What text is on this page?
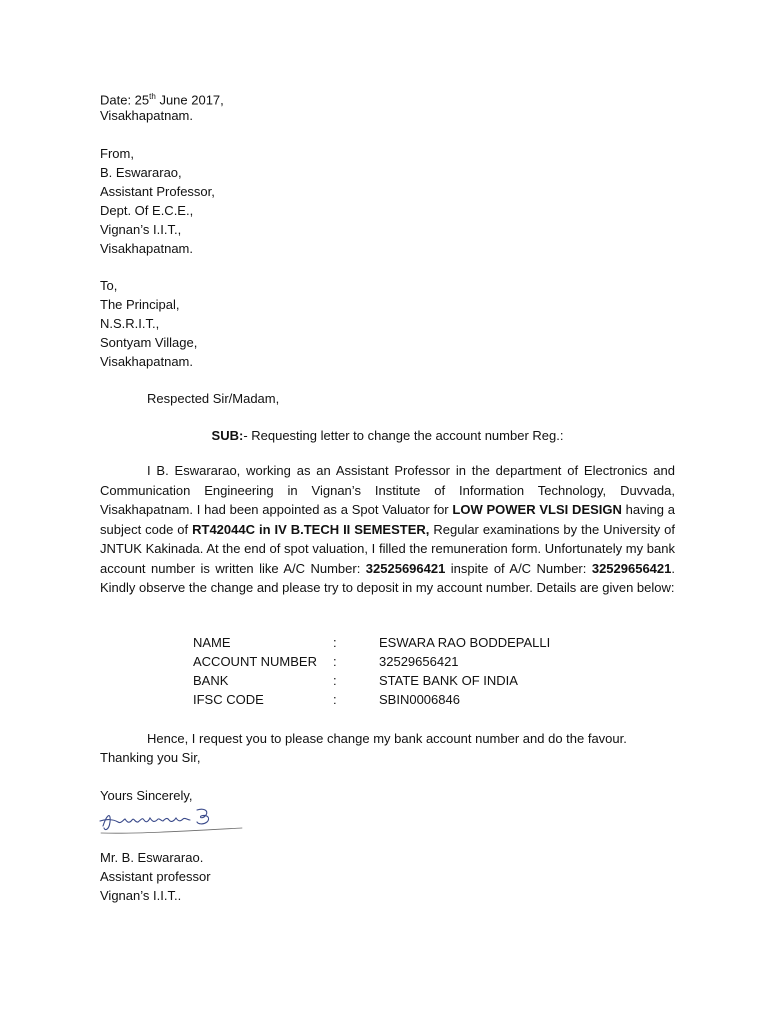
Date: 25th June 2017,
Visakhapatnam.
From,
B. Eswararao,
Assistant Professor,
Dept. Of E.C.E.,
Vignan’s I.I.T.,
Visakhapatnam.
To,
The Principal,
N.S.R.I.T.,
Sontyam Village,
Visakhapatnam.
Respected Sir/Madam,
SUB:- Requesting letter to change the account number Reg.:
I B. Eswararao, working as an Assistant Professor in the department of Electronics and Communication Engineering in Vignan’s Institute of Information Technology, Duvvada, Visakhapatnam. I had been appointed as a Spot Valuator for LOW POWER VLSI DESIGN having a subject code of RT42044C in IV B.TECH II SEMESTER, Regular examinations by the University of JNTUK Kakinada. At the end of spot valuation, I filled the remuneration form. Unfortunately my bank account number is written like A/C Number: 32525696421 inspite of A/C Number: 32529656421. Kindly observe the change and please try to deposit in my account number. Details are given below:
NAME	:	ESWARA RAO BODDEPALLI
ACCOUNT NUMBER	:	32529656421
BANK	:	STATE BANK OF INDIA
IFSC CODE	:	SBIN0006846
Hence, I request you to please change my bank account number and do the favour.
Thanking you Sir,
Yours Sincerely,
Mr. B. Eswararao.
Assistant professor
Vignan’s I.I.T..
